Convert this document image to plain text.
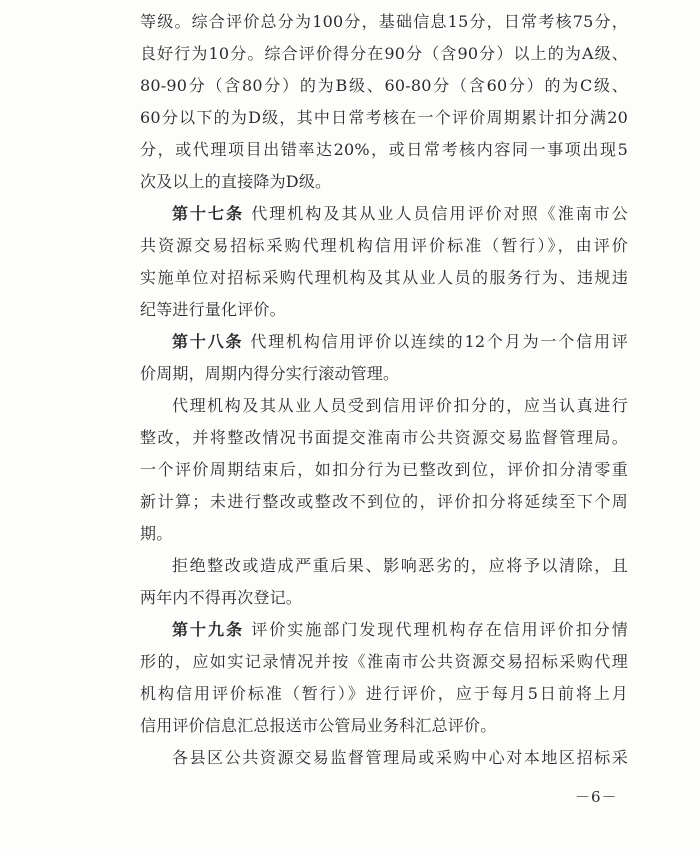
等级。综合评价总分为100分，基础信息15分，日常考核75分，
良好行为10分。综合评价得分在90分（含90分）以上的为A级、
80-90分（含80分）的为B级、60-80分（含60分）的为C级、
60分以下的为D级，其中日常考核在一个评价周期累计扣分满20
分，或代理项目出错率达20%，或日常考核内容同一事项出现5
次及以上的直接降为D级。
第十七条 代理机构及其从业人员信用评价对照《淮南市公
共资源交易招标采购代理机构信用评价标准（暂行）》，由评价
实施单位对招标采购代理机构及其从业人员的服务行为、违规违
纪等进行量化评价。
第十八条 代理机构信用评价以连续的12个月为一个信用评
价周期，周期内得分实行滚动管理。
代理机构及其从业人员受到信用评价扣分的，应当认真进行
整改，并将整改情况书面提交淮南市公共资源交易监督管理局。
一个评价周期结束后，如扣分行为已整改到位，评价扣分清零重
新计算；未进行整改或整改不到位的，评价扣分将延续至下个周
期。
拒绝整改或造成严重后果、影响恶劣的，应将予以清除，且
两年内不得再次登记。
第十九条 评价实施部门发现代理机构存在信用评价扣分情
形的，应如实记录情况并按《淮南市公共资源交易招标采购代理
机构信用评价标准（暂行）》进行评价，应于每月5日前将上月
信用评价信息汇总报送市公管局业务科汇总评价。
各县区公共资源交易监督管理局或采购中心对本地区招标采
－6－
